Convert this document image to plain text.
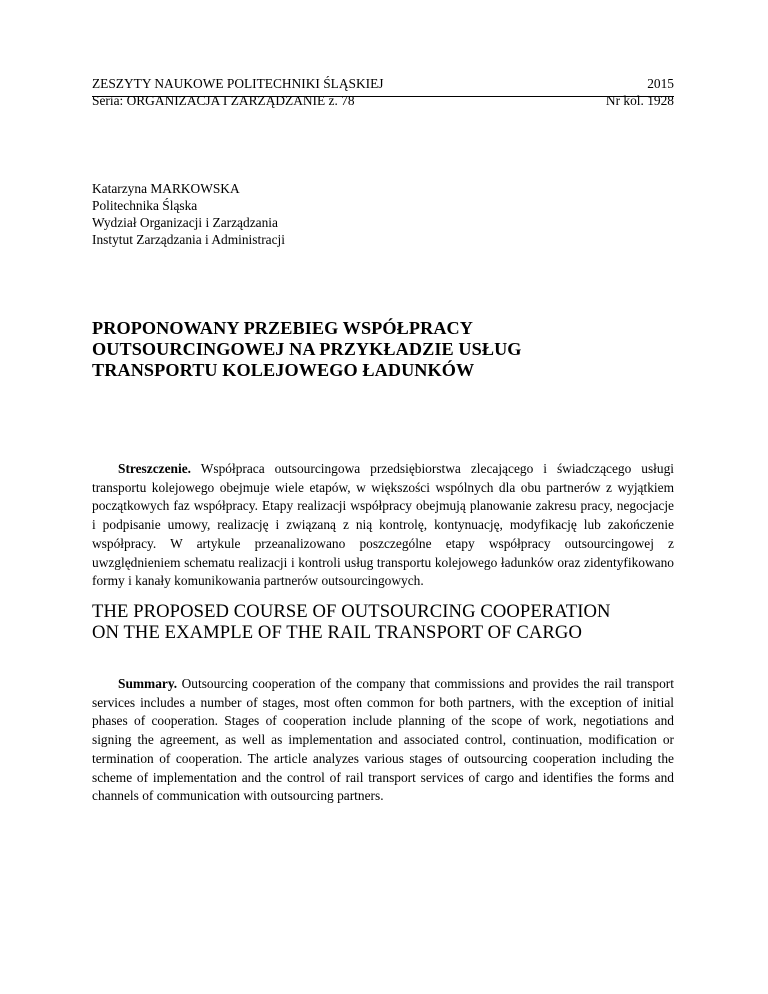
ZESZYTY NAUKOWE POLITECHNIKI ŚLĄSKIEJ	2015
Seria: ORGANIZACJA I ZARZĄDZANIE z. 78	Nr kol. 1928
Katarzyna MARKOWSKA
Politechnika Śląska
Wydział Organizacji i Zarządzania
Instytut Zarządzania i Administracji
PROPONOWANY PRZEBIEG WSPÓŁPRACY
OUTSOURCINGOWEJ NA PRZYKŁADZIE USŁUG
TRANSPORTU KOLEJOWEGO ŁADUNKÓW

Streszczenie. Współpraca outsourcingowa przedsiębiorstwa zlecającego i świadczącego usługi transportu kolejowego obejmuje wiele etapów, w większości wspólnych dla obu partnerów z wyjątkiem początkowych faz współpracy. Etapy realizacji współpracy obejmują planowanie zakresu pracy, negocjacje i podpisanie umowy, realizację i związaną z nią kontrolę, kontynuację, modyfikację lub zakończenie współpracy. W artykule przeanalizowano poszczególne etapy współpracy outsourcingowej z uwzględnieniem schematu realizacji i kontroli usług transportu kolejowego ładunków oraz zidentyfikowano formy i kanały komunikowania partnerów outsourcingowych.

THE PROPOSED COURSE OF OUTSOURCING COOPERATION
ON THE EXAMPLE OF THE RAIL TRANSPORT OF CARGO

Summary. Outsourcing cooperation of the company that commissions and provides the rail transport services includes a number of stages, most often common for both partners, with the exception of initial phases of cooperation. Stages of cooperation include planning of the scope of work, negotiations and signing the agreement, as well as implementation and associated control, continuation, modification or termination of cooperation. The article analyzes various stages of outsourcing cooperation including the scheme of implementation and the control of rail transport services of cargo and identifies the forms and channels of communication with outsourcing partners.
